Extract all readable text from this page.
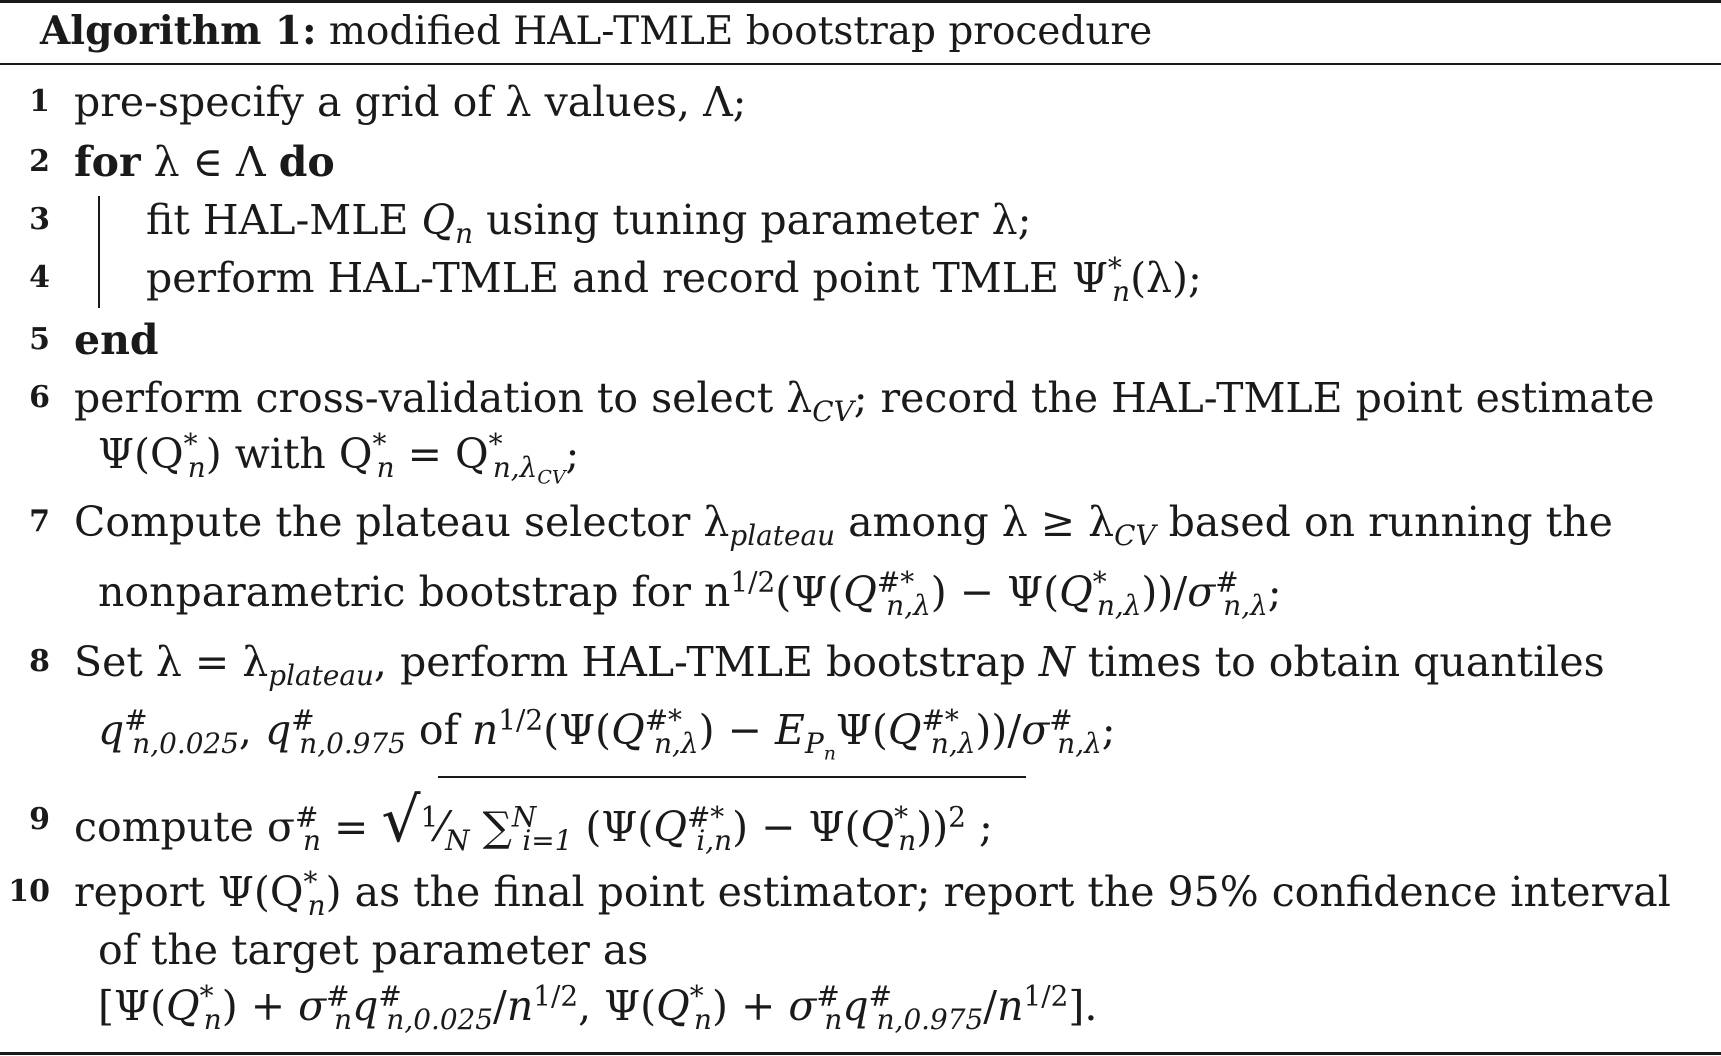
Algorithm 1: modified HAL-TMLE bootstrap procedure
1 pre-specify a grid of λ values, Λ;
2 for λ ∈ Λ do
3 fit HAL-MLE $Q_n$ using tuning parameter λ;
4 perform HAL-TMLE and record point TMLE $\Psi^*_n(\lambda)$;
5 end
6 perform cross-validation to select $\lambda_{CV}$; record the HAL-TMLE point estimate
$\Psi(Q^*_n)$ with $Q^*_n = Q^*_{n,\lambda_{CV}}$;
7 Compute the plateau selector $\lambda_{plateau}$ among $\lambda \ge \lambda_{CV}$ based on running the
nonparametric bootstrap for $n^{1/2}(\Psi(Q^{\#*}_{n,\lambda}) - \Psi(Q^*_{n,\lambda}))/\sigma^{\#}_{n,\lambda}$;
8 Set $\lambda = \lambda_{plateau}$, perform HAL-TMLE bootstrap N times to obtain quantiles
$q^{\#}_{n,0.025}$, $q^{\#}_{n,0.975}$ of $n^{1/2}(\Psi(Q^{\#*}_{n,\lambda}) - E_{P_n}\Psi(Q^{\#*}_{n,\lambda}))/\sigma^{\#}_{n,\lambda}$;
9 compute $\sigma^{\#}_n$ = $√^1⁄_N$ ∑$^N_{i=1}$ $(\Psi(Q^{\#*}_{i,n}) - \Psi(Q^*_n))^2$ ;
10 report $\Psi(Q^*_n)$ as the final point estimator; report the 95% confidence interval
of the target parameter as
[$\Psi(Q^*_n) + \sigma^{\#}_nq^{\#}_{n,0.025}/n^{1/2}$, $\Psi(Q^*_n) + \sigma^{\#}_nq^{\#}_{n,0.975}/n^{1/2}$].
